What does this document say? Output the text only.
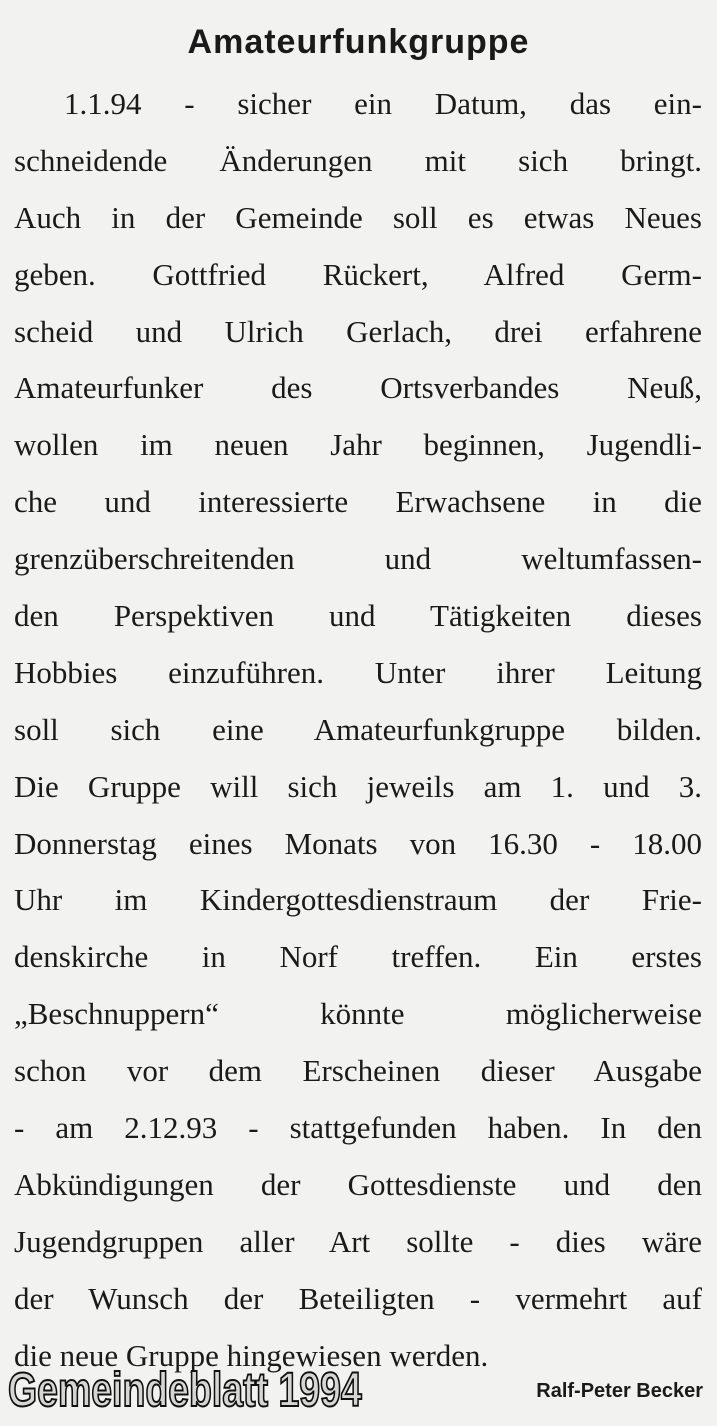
Amateurfunkgruppe
1.1.94 - sicher ein Datum, das ein-
schneidende Änderungen mit sich bringt.
Auch in der Gemeinde soll es etwas Neues
geben. Gottfried Rückert, Alfred Germ-
scheid und Ulrich Gerlach, drei erfahrene
Amateurfunker des Ortsverbandes Neuß,
wollen im neuen Jahr beginnen, Jugendli-
che und interessierte Erwachsene in die
grenzüberschreitenden und weltumfassen-
den Perspektiven und Tätigkeiten dieses
Hobbies einzuführen. Unter ihrer Leitung
soll sich eine Amateurfunkgruppe bilden.
Die Gruppe will sich jeweils am 1. und 3.
Donnerstag eines Monats von 16.30 - 18.00
Uhr im Kindergottesdienstraum der Frie-
denskirche in Norf treffen. Ein erstes
„Beschnuppern“ könnte möglicherweise
schon vor dem Erscheinen dieser Ausgabe
- am 2.12.93 - stattgefunden haben. In den
Abkündigungen der Gottesdienste und den
Jugendgruppen aller Art sollte - dies wäre
der Wunsch der Beteiligten - vermehrt auf
die neue Gruppe hingewiesen werden.
Gemeindeblatt 1994	Ralf-Peter Becker
